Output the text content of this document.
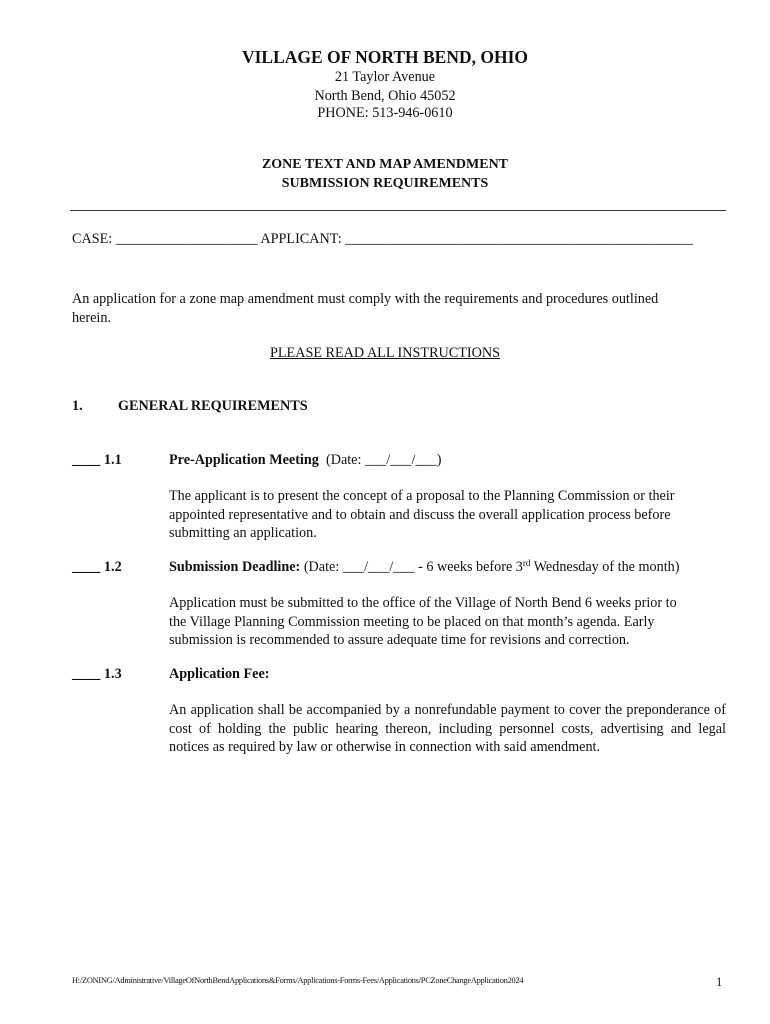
VILLAGE OF NORTH BEND, OHIO
21 Taylor Avenue
North Bend, Ohio 45052
PHONE: 513-946-0610
ZONE TEXT AND MAP AMENDMENT
SUBMISSION REQUIREMENTS
CASE: ____________________ APPLICANT: _________________________________________________
An application for a zone map amendment must comply with the requirements and procedures outlined
herein.
PLEASE READ ALL INSTRUCTIONS
1. GENERAL REQUIREMENTS
____ 1.1	Pre-Application Meeting (Date: ___/___/___)
The applicant is to present the concept of a proposal to the Planning Commission or their
appointed representative and to obtain and discuss the overall application process before
submitting an application.
____ 1.2	Submission Deadline: (Date: ___/___/___ - 6 weeks before 3rd Wednesday of the month)
Application must be submitted to the office of the Village of North Bend 6 weeks prior to
the Village Planning Commission meeting to be placed on that month’s agenda. Early
submission is recommended to assure adequate time for revisions and correction.
____ 1.3	Application Fee:
An application shall be accompanied by a nonrefundable payment to cover the preponderance of cost of holding the public hearing thereon, including personnel costs, advertising and legal notices as required by law or otherwise in connection with said amendment.
H:/ZONING/Administrative/VillageOfNorthBendApplications&Forms/Applications-Forms-Fees/Applications/PCZoneChangeApplication2024	1
